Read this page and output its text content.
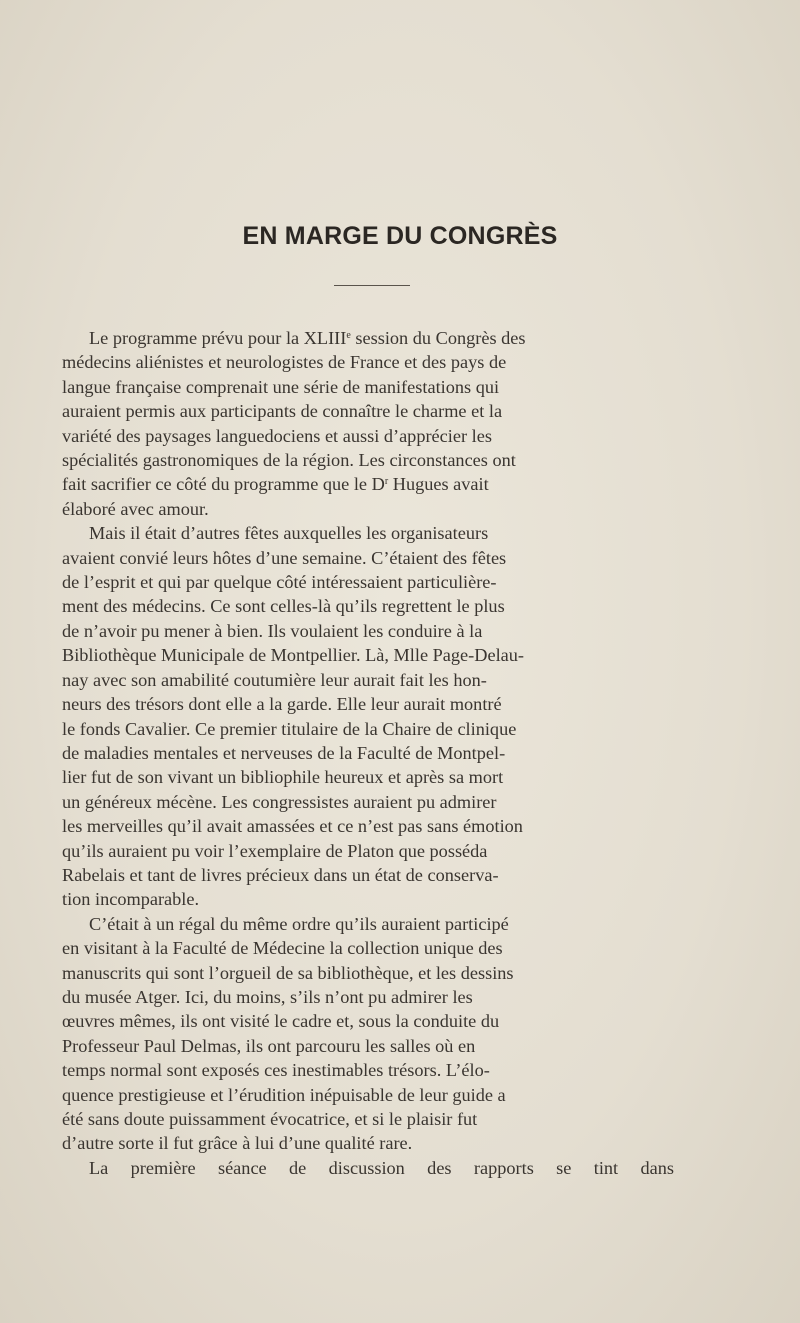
EN MARGE DU CONGRÈS

Le programme prévu pour la XLIIIe session du Congrès des
médecins aliénistes et neurologistes de France et des pays de
langue française comprenait une série de manifestations qui
auraient permis aux participants de connaître le charme et la
variété des paysages languedociens et aussi d’apprécier les
spécialités gastronomiques de la région. Les circonstances ont
fait sacrifier ce côté du programme que le $D^r$ Hugues avait
élaboré avec amour.

Mais il était d’autres fêtes auxquelles les organisateurs
avaient convié leurs hôtes d’une semaine. C’étaient des fêtes
de l’esprit et qui par quelque côté intéressaient particulière-
ment des médecins. Ce sont celles-là qu’ils regrettent le plus
de n’avoir pu mener à bien. Ils voulaient les conduire à la
Bibliothèque Municipale de Montpellier. Là, Mlle Page-Delau-
nay avec son amabilité coutumière leur aurait fait les hon-
neurs des trésors dont elle a la garde. Elle leur aurait montré
le fonds Cavalier. Ce premier titulaire de la Chaire de clinique
de maladies mentales et nerveuses de la Faculté de Montpel-
lier fut de son vivant un bibliophile heureux et après sa mort
un généreux mécène. Les congressistes auraient pu admirer
les merveilles qu’il avait amassées et ce n’est pas sans émotion
qu’ils auraient pu voir l’exemplaire de Platon que posséda
Rabelais et tant de livres précieux dans un état de conserva-
tion incomparable.

C’était à un régal du même ordre qu’ils auraient participé
en visitant à la Faculté de Médecine la collection unique des
manuscrits qui sont l’orgueil de sa bibliothèque, et les dessins
du musée Atger. Ici, du moins, s’ils n’ont pu admirer les
œuvres mêmes, ils ont visité le cadre et, sous la conduite du
Professeur Paul Delmas, ils ont parcouru les salles où en
temps normal sont exposés ces inestimables trésors. L’élo-
quence prestigieuse et l’érudition inépuisable de leur guide a
été sans doute puissamment évocatrice, et si le plaisir fut
d’autre sorte il fut grâce à lui d’une qualité rare.

La première séance de discussion des rapports se tint dans
